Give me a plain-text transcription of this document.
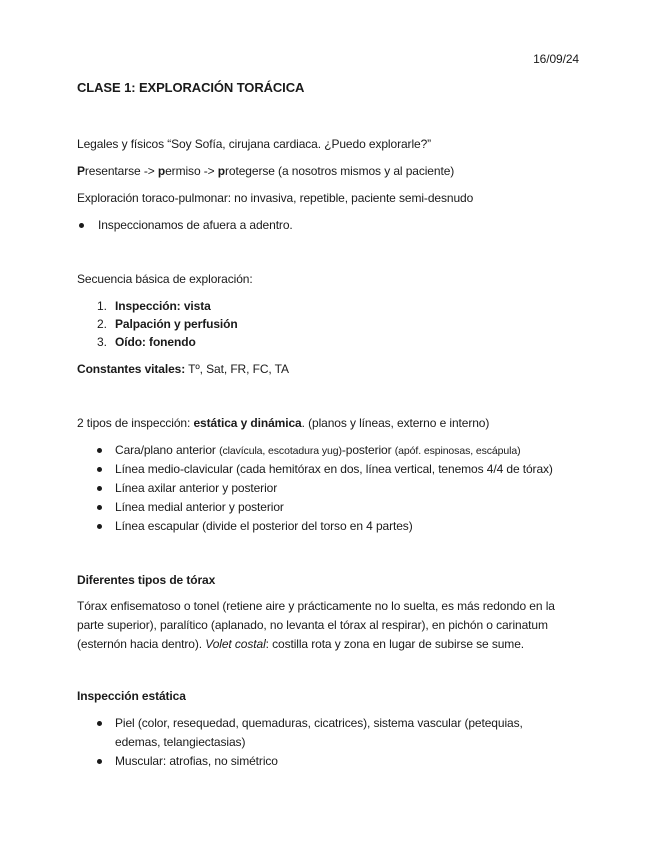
16/09/24
CLASE 1: EXPLORACIÓN TORÁCICA
Legales y físicos “Soy Sofía, cirujana cardiaca. ¿Puedo explorarle?”
Presentarse -> permiso -> protegerse (a nosotros mismos y al paciente)
Exploración toraco-pulmonar: no invasiva, repetible, paciente semi-desnudo
Inspeccionamos de afuera a adentro.
Secuencia básica de exploración:
1. Inspección: vista
2. Palpación y perfusión
3. Oído: fonendo
Constantes vitales: Tº, Sat, FR, FC, TA
2 tipos de inspección: estática y dinámica. (planos y líneas, externo e interno)
Cara/plano anterior (clavícula, escotadura yug)-posterior (apóf. espinosas, escápula)
Línea medio-clavicular (cada hemitórax en dos, línea vertical, tenemos 4/4 de tórax)
Línea axilar anterior y posterior
Línea medial anterior y posterior
Línea escapular (divide el posterior del torso en 4 partes)
Diferentes tipos de tórax
Tórax enfisematoso o tonel (retiene aire y prácticamente no lo suelta, es más redondo en la
parte superior), paralítico (aplanado, no levanta el tórax al respirar), en pichón o carinatum
(esternón hacia dentro). Volet costal: costilla rota y zona en lugar de subirse se sume.
Inspección estática
Piel (color, resequedad, quemaduras, cicatrices), sistema vascular (petequias,
edemas, telangiectasias)
Muscular: atrofias, no simétrico
